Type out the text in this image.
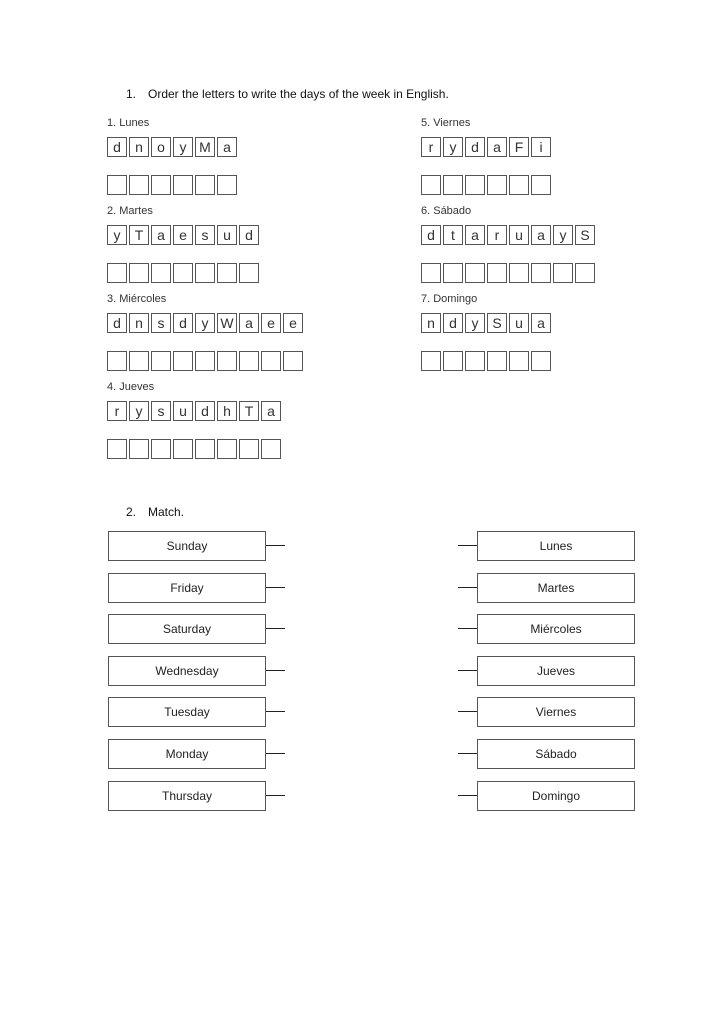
1. Order the letters to write the days of the week in English.
1. Lunes
d	n	o	y M a
2. Martes
y	T a	e	s	u	d
3. Miércoles
d	n	s	d	y W a	e	e
4. Jueves
r	y	s	u	d	h T a
5. Viernes
r	y	d	a F	i
6. Sábado
d	t	a	r	u	a	y S
7. Domingo
n	d	y S u	a
2. Match.
Sunday
Friday
Saturday
Wednesday
Tuesday
Monday
Thursday
Lunes
Martes
Miércoles
Jueves
Viernes
Sábado
Domingo
